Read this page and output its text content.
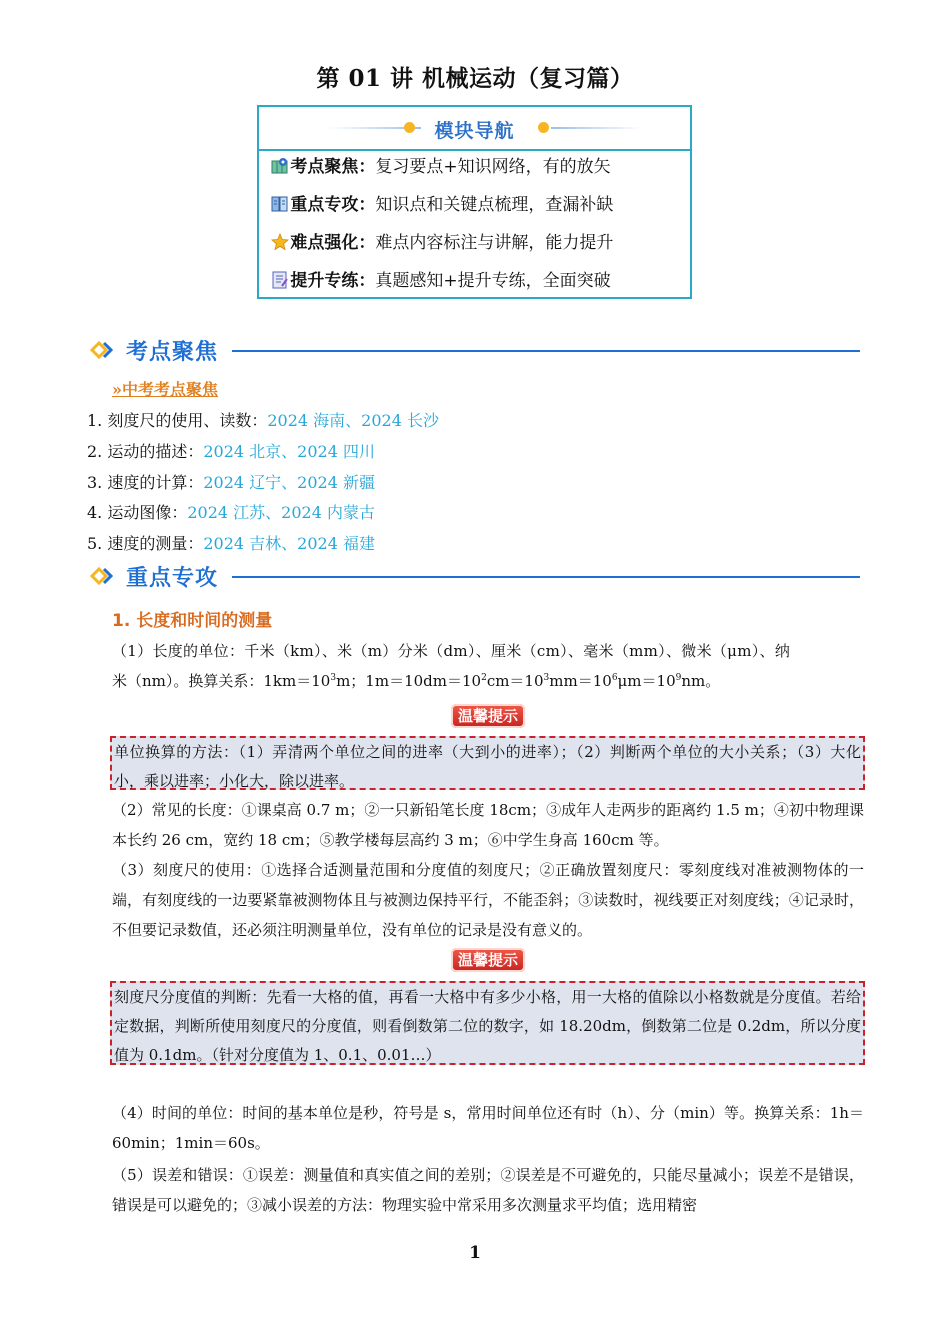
第 01 讲 机械运动（复习篇）
模块导航
考点聚焦：复习要点+知识网络，有的放矢
重点专攻：知识点和关键点梳理，查漏补缺
难点强化：难点内容标注与讲解，能力提升
提升专练：真题感知+提升专练，全面突破
考点聚焦
»中考考点聚焦
1. 刻度尺的使用、读数：2024 海南、2024 长沙
2. 运动的描述：2024 北京、2024 四川
3. 速度的计算：2024 辽宁、2024 新疆
4. 运动图像：2024 江苏、2024 内蒙古
5. 速度的测量：2024 吉林、2024 福建
重点专攻
1. 长度和时间的测量
（1）长度的单位：千米（km）、米（m）分米（dm）、厘米（cm）、毫米（mm）、微米（μm）、纳
米（nm）。换算关系：$1km=10^3m$；$1m=10dm=10^2cm=10^3mm=10^6\mu m=10^9nm$。
温馨提示
单位换算的方法：（1）弄清两个单位之间的进率（大到小的进率）；（2）判断两个单位的大小关系；（3）大化小，乘以进率；小化大，除以进率。
（2）常见的长度：①课桌高 0.7 m；②一只新铅笔长度 18cm；③成年人走两步的距离约 1.5 m；④初中物理课本长约 26 cm，宽约 18 cm；⑤教学楼每层高约 3 m；⑥中学生身高 160cm 等。
（3）刻度尺的使用：①选择合适测量范围和分度值的刻度尺；②正确放置刻度尺：零刻度线对准被测物体的一端，有刻度线的一边要紧靠被测物体且与被测边保持平行，不能歪斜；③读数时，视线要正对刻度线；④记录时，不但要记录数值，还必须注明测量单位，没有单位的记录是没有意义的。
温馨提示
刻度尺分度值的判断：先看一大格的值，再看一大格中有多少小格，用一大格的值除以小格数就是分度值。若给定数据，判断所使用刻度尺的分度值，则看倒数第二位的数字，如 18.20dm，倒数第二位是 0.2dm，所以分度值为 0.1dm。（针对分度值为 1、0.1、0.01…）
（4）时间的单位：时间的基本单位是秒，符号是 s，常用时间单位还有时（h）、分（min）等。换算关系：1h＝60min；1min＝60s。
（5）误差和错误：①误差：测量值和真实值之间的差别；②误差是不可避免的，只能尽量减小；误差不是错误，错误是可以避免的；③减小误差的方法：物理实验中常采用多次测量求平均值；选用精密
1
